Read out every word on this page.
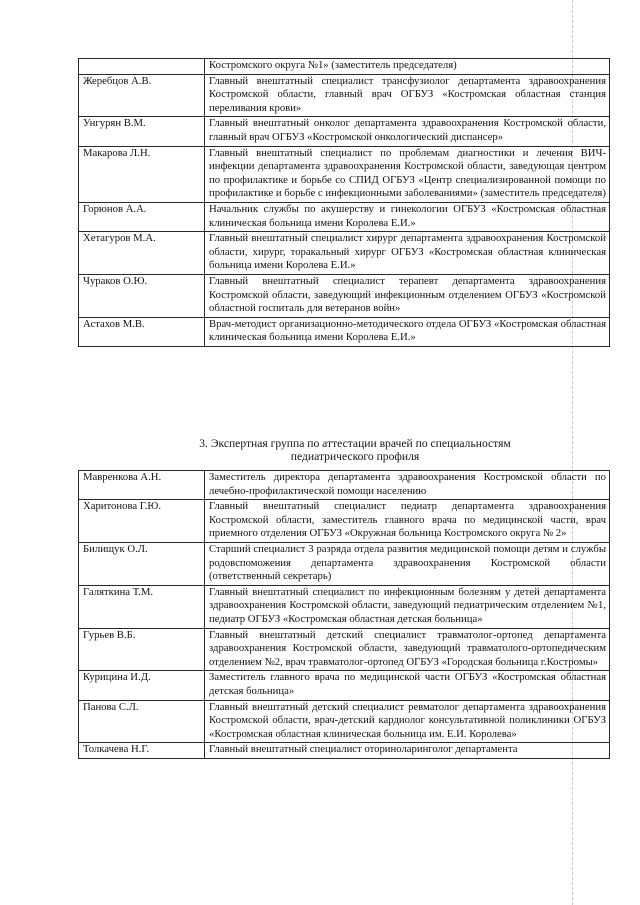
	Костромского округа №1» (заместитель председателя)
Жеребцов А.В.	Главный внештатный специалист трансфузиолог департамента здравоохранения Костромской области, главный врач ОГБУЗ «Костромская областная станция переливания крови»
Унгурян В.М.	Главный внештатный онколог департамента здравоохранения Костромской области, главный врач ОГБУЗ «Костромской онкологический диспансер»
Макарова Л.Н.	Главный внештатный специалист по проблемам диагностики и лечения ВИЧ-инфекции департамента здравоохранения Костромской области, заведующая центром по профилактике и борьбе со СПИД ОГБУЗ «Центр специализированной помощи по профилактике и борьбе с инфекционными заболеваниями» (заместитель председателя)
Горюнов А.А.	Начальник службы по акушерству и гинекологии ОГБУЗ «Костромская областная клиническая больница имени Королева Е.И.»
Хетагуров М.А.	Главный внештатный специалист хирург департамента здравоохранения Костромской области, хирург, торакальный хирург ОГБУЗ «Костромская областная клиническая больница имени Королева Е.И.»
Чураков О.Ю.	Главный внештатный специалист терапевт департамента здравоохранения Костромской области, заведующий инфекционным отделением ОГБУЗ «Костромской областной госпиталь для ветеранов войн»
Астахов М.В.	Врач-методист организационно-методического отдела ОГБУЗ «Костромская областная клиническая больница имени Королева Е.И.»
3. Экспертная группа по аттестации врачей по специальностям
педиатрического профиля
Мавренкова А.Н.	Заместитель директора департамента здравоохранения Костромской области по лечебно-профилактической помощи населению
Харитонова Г.Ю.	Главный внештатный специалист педиатр департамента здравоохранения Костромской области, заместитель главного врача по медицинской части, врач приемного отделения ОГБУЗ «Окружная больница Костромского округа № 2»
Билищук О.Л.	Старший специалист 3 разряда отдела развития медицинской помощи детям и службы родовспоможения департамента здравоохранения Костромской области (ответственный секретарь)
Галяткина Т.М.	Главный внештатный специалист по инфекционным болезням у детей департамента здравоохранения Костромской области, заведующий педиатрическим отделением №1, педиатр ОГБУЗ «Костромская областная детская больница»
Гурьев В.Б.	Главный внештатный детский специалист травматолог-ортопед департамента здравоохранения Костромской области, заведующий травматолого-ортопедическим отделением №2, врач травматолог-ортопед ОГБУЗ «Городская больница г.Костромы»
Курицина И.Д.	Заместитель главного врача по медицинской части ОГБУЗ «Костромская областная детская больница»
Панова С.Л.	Главный внештатный детский специалист ревматолог департамента здравоохранения Костромской области, врач-детский кардиолог консультативной поликлиники ОГБУЗ «Костромская областная клиническая больница им. Е.И. Королева»
Толкачева Н.Г.	Главный внештатный специалист оториноларинголог департамента
